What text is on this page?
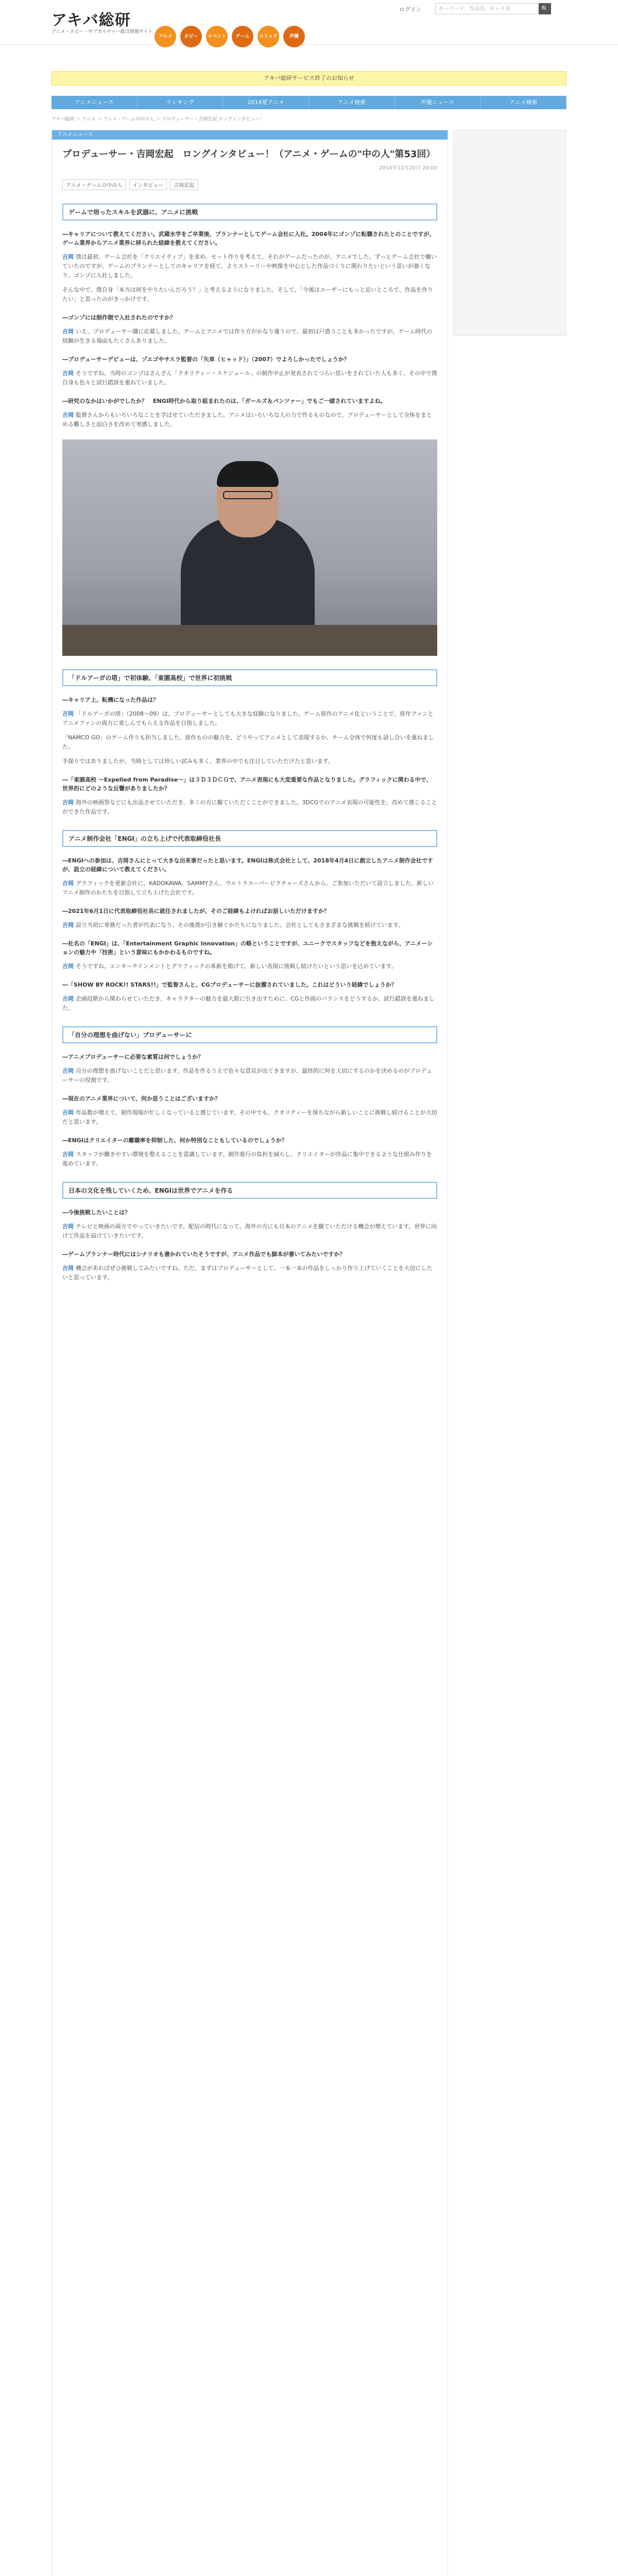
アキバ総研
アニメ・ホビー・サブカルチャー総合情報サイト
アニメ	ホビー	イベント	ゲーム	コミック	声優
ログイン	キーワード、作品名、キャラ名	🔍
アキバ総研サービス終了のお知らせ
アニメニュース	ランキング	2014夏アニメ	アニメ検索	声優ニュース	アニメ検索
アキバ総研 ＞ アニメ ＞ アニメ・ゲームの中の人 ＞ プロデューサー・吉岡宏起 ロングインタビュー！
アニメニュース
プロデューサー・吉岡宏起　ロングインタビュー！（アニメ・ゲームの"中の人"第53回）
2014年12月20日 20:00
アニメ・ゲームの中の人	インタビュー	吉岡宏起
ゲームで培ったスキルを武器に、アニメに挑戦
―キャリアについて教えてください。武蔵水学をご卒業後、プランナーとしてゲーム会社に入社。2004年にゴンゾに転職されたとのことですが、ゲーム業界からアニメ業界に移られた経緯を教えてください。
吉岡 僕は最初、ゲーム会社を「クリエイティブ」を求め、セット作りを考えて、それがゲームだったのが、アニメでした。ずっとゲーム会社で働いていたのですが、ゲームのプランナーとしてのキャリアを経て、よりストーリーや映像を中心とした作品づくりに関わりたいという思いが強くなり、ゴンゾに入社しました。
そんな中で、僕自身「本当は何をやりたいんだろう？」と考えるようになりました。そして、「今後はユーザーにもっと近いところで、作品を作りたい」と思ったのがきっかけです。
―ゴンゾには制作側で入社されたのですか？
吉岡 いえ、プロデューサー職に応募しました。ゲームとアニメでは作り方がかなり違うので、最初は戸惑うことも多かったですが、ゲーム時代の経験が生きる場面もたくさんありました。
―プロデューサーデビューは、ゾエゴやサスラ監督の「矢車（ヒャッド）」（2007）でよろしかったでしょうか？
吉岡 そうですね。当時のゴンゾはさんざん「クオリティー・スケジュール」の制作中止が発表されてつらい思いをされていた人も多く、その中で僕自身も色々と試行錯誤を重ねていました。
―研究のなかはいかがでしたか？　ENGI時代から取り組まれたのは、「ガールズ＆パンツァー」でもご一緒されていますよね。
吉岡 監督さんからもいろいろなことを学ばせていただきました。アニメはいろいろな人の力で作るものなので、プロデューサーとして全体をまとめる難しさと面白さを改めて実感しました。
「ドルアーガの塔」で初体験、「東園高校」で世界に初挑戦
―キャリア上、転機になった作品は？
吉岡 「ドルアーガの塔」（2008〜09）は、プロデューサーとしても大きな経験になりました。ゲーム原作のアニメ化ということで、原作ファンとアニメファンの両方に楽しんでもらえる作品を目指しました。
「NAMCO GO」のゲーム作りも担当しました。原作ものの魅力を、どうやってアニメとして表現するか、チーム全体で何度も話し合いを重ねました。
手探りではありましたが、当時としては珍しい試みも多く、業界の中でも注目していただけたと思います。
―「東園高校 ～Expelled from Paradise～」は３Ｄ３ＤＣＧで、アニメ表現にも大変重要な作品となりました。グラフィックに関わる中で、世界的にどのような反響がありましたか？
吉岡 海外の映画祭などにも出品させていただき、多くの方に観ていただくことができました。3DCGでのアニメ表現の可能性を、改めて感じることができた作品です。
アニメ制作会社「ENGI」の立ち上げで代表取締役社長
―ENGIへの参加は、吉岡さんにとって大きな出来事だったと思います。ENGIは株式会社として、2018年4月4日に創立したアニメ制作会社ですが、設立の経緯について教えてください。
吉岡 グラフィックを更新会社に、KADOKAWA、SAMMYさん、ウルトラスーパーピクチャーズさんから、ご参加いただいて設立しました。新しいアニメ制作のかたちを目指して立ち上げた会社です。
―2021年6月1日に代表取締役社長に就任されましたが、そのご経緯もよければお話しいただけますか？
吉岡 設立当初に専務だった者が代表になり、その後僕が引き継ぐかたちになりました。会社としてもさまざまな挑戦を続けています。
―社名の「ENGI」は、「Entertainment Graphic Innovation」の略ということですが、ユニークでスタッフなどを抱えながら、アニメーションの魅力や「技術」という意味にもかかわるものですね。
吉岡 そうですね。エンターテインメントとグラフィックの革新を掲げて、新しい表現に挑戦し続けたいという思いを込めています。
―「SHOW BY ROCK!! STARS!!」で監督さんと、CGプロデューサーに抜擢されていました。これはどういう経緯でしょうか？
吉岡 企画段階から関わらせていただき、キャラクターの魅力を最大限に引き出すために、CGと作画のバランスをどうするか、試行錯誤を重ねました。
「自分の理想を曲げない」プロデューサーに
―アニメプロデューサーに必要な素質は何でしょうか？
吉岡 自分の理想を曲げないことだと思います。作品を作るうえで色々な意見が出てきますが、最終的に何を大切にするのかを決めるのがプロデューサーの役割です。
―現在のアニメ業界について、何か思うことはございますか？
吉岡 作品数が増えて、制作現場が忙しくなっていると感じています。その中でも、クオリティーを保ちながら新しいことに挑戦し続けることが大切だと思います。
―ENGIはクリエイターの離職率を抑制した、何か特別なこともしているのでしょうか？
吉岡 スタッフが働きやすい環境を整えることを意識しています。制作進行の負担を減らし、クリエイターが作品に集中できるような仕組み作りを進めています。
日本の文化を残していくため、ENGIは世界でアニメを作る
―今後挑戦したいことは？
吉岡 テレビと映画の両方でやっていきたいです。配信の時代になって、海外の方にも日本のアニメを観ていただける機会が増えています。世界に向けて作品を届けていきたいです。
―ゲームプランナー時代にはシナリオも書かれていたそうですが、アニメ作品でも脚本が書いてみたいですか？
吉岡 機会があればぜひ挑戦してみたいですね。ただ、まずはプロデューサーとして、一本一本の作品をしっかり作り上げていくことを大切にしたいと思っています。
